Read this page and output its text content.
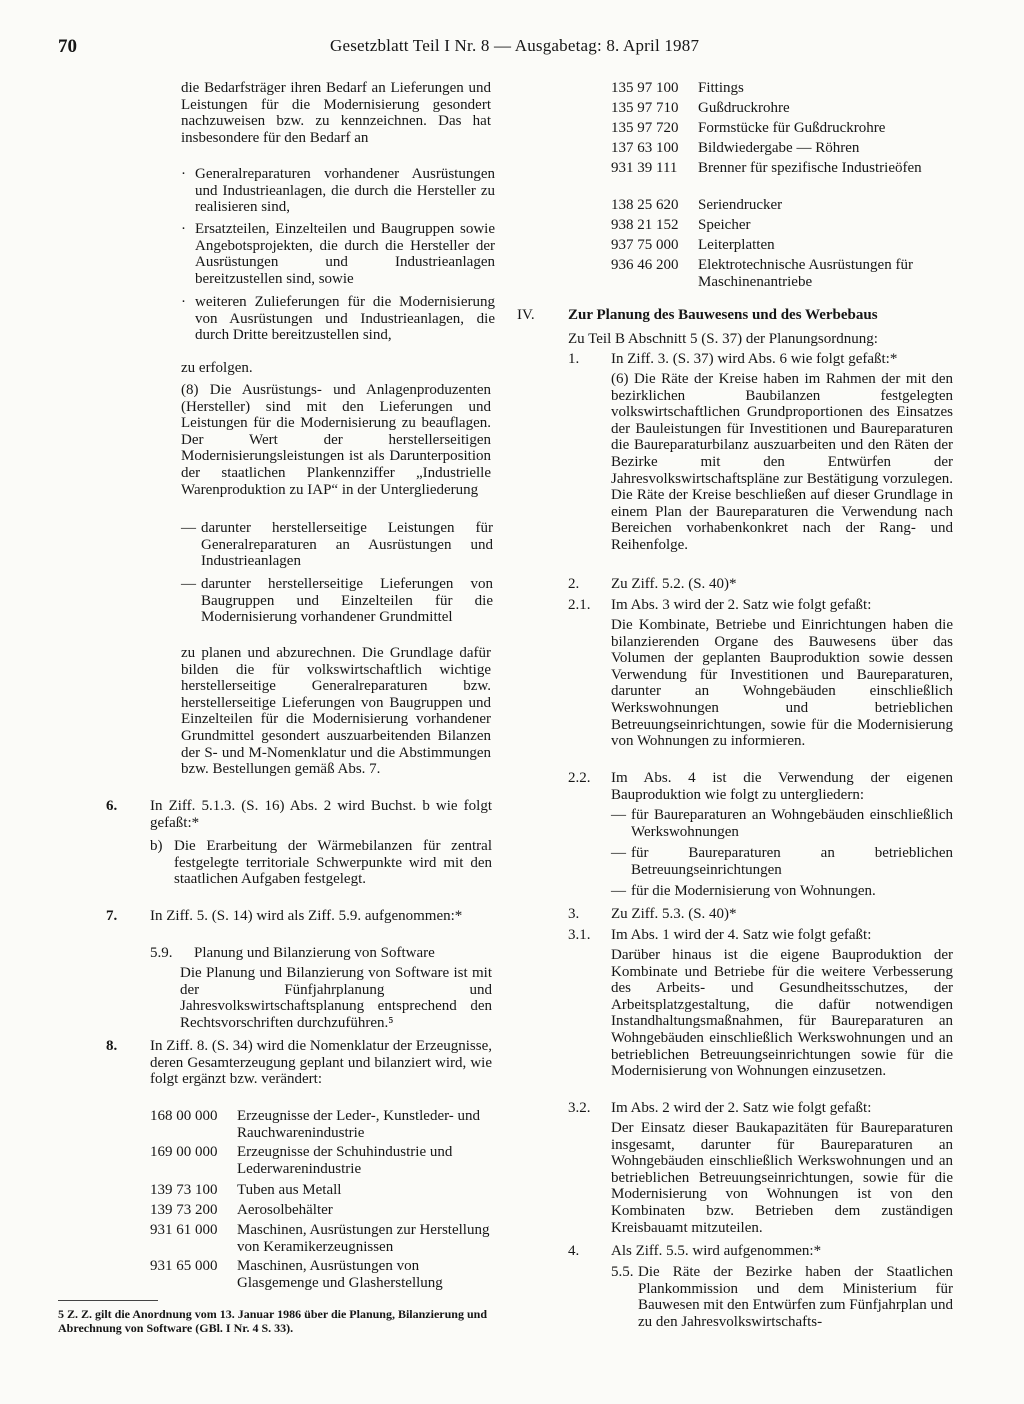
70	Gesetzblatt Teil I Nr. 8 — Ausgabetag: 8. April 1987

die Bedarfsträger ihren Bedarf an Lieferungen und Leistungen für die Modernisierung gesondert nachzuweisen bzw. zu kennzeichnen. Das hat insbesondere für den Bedarf an

· Generalreparaturen vorhandener Ausrüstungen und Industrieanlagen, die durch die Hersteller zu realisieren sind,

· Ersatzteilen, Einzelteilen und Baugruppen sowie Angebotsprojekten, die durch die Hersteller der Ausrüstungen und Industrieanlagen bereitzustellen sind, sowie

· weiteren Zulieferungen für die Modernisierung von Ausrüstungen und Industrieanlagen, die durch Dritte bereitzustellen sind,

zu erfolgen.

(8) Die Ausrüstungs- und Anlagenproduzenten (Hersteller) sind mit den Lieferungen und Leistungen für die Modernisierung zu beauflagen. Der Wert der herstellerseitigen Modernisierungsleistungen ist als Darunterposition der staatlichen Plankennziffer „Industrielle Warenproduktion zu IAP“ in der Untergliederung

— darunter herstellerseitige Leistungen für Generalreparaturen an Ausrüstungen und Industrieanlagen

— darunter herstellerseitige Lieferungen von Baugruppen und Einzelteilen für die Modernisierung vorhandener Grundmittel

zu planen und abzurechnen. Die Grundlage dafür bilden die für volkswirtschaftlich wichtige herstellerseitige Generalreparaturen bzw. herstellerseitige Lieferungen von Baugruppen und Einzelteilen für die Modernisierung vorhandener Grundmittel gesondert auszuarbeitenden Bilanzen der S- und M-Nomenklatur und die Abstimmungen bzw. Bestellungen gemäß Abs. 7.

6. In Ziff. 5.1.3. (S. 16) Abs. 2 wird Buchst. b wie folgt gefaßt:*

b) Die Erarbeitung der Wärmebilanzen für zentral festgelegte territoriale Schwerpunkte wird mit den staatlichen Aufgaben festgelegt.

7. In Ziff. 5. (S. 14) wird als Ziff. 5.9. aufgenommen:*

5.9. Planung und Bilanzierung von Software

Die Planung und Bilanzierung von Software ist mit der Fünfjahrplanung und Jahresvolkswirtschaftsplanung entsprechend den Rechtsvorschriften durchzuführen.⁵

8. In Ziff. 8. (S. 34) wird die Nomenklatur der Erzeugnisse, deren Gesamterzeugung geplant und bilanziert wird, wie folgt ergänzt bzw. verändert:

168 00 000	Erzeugnisse der Leder-, Kunstleder- und Rauchwarenindustrie
169 00 000	Erzeugnisse der Schuhindustrie und Lederwarenindustrie
139 73 100	Tuben aus Metall
139 73 200	Aerosolbehälter
931 61 000	Maschinen, Ausrüstungen zur Herstellung von Keramikerzeugnissen
931 65 000	Maschinen, Ausrüstungen von Glasgemenge und Glasherstellung
5 Z. Z. gilt die Anordnung vom 13. Januar 1986 über die Planung, Bilanzierung und Abrechnung von Software (GBl. I Nr. 4 S. 33).
135 97 100	Fittings
135 97 710	Gußdruckrohre
135 97 720	Formstücke für Gußdruckrohre
137 63 100	Bildwiedergabe — Röhren
931 39 111	Brenner für spezifische Industrieöfen
138 25 620	Seriendrucker
938 21 152	Speicher
937 75 000	Leiterplatten
936 46 200	Elektrotechnische Ausrüstungen für Maschinenantriebe
IV. Zur Planung des Bauwesens und des Werbebaus
Zu Teil B Abschnitt 5 (S. 37) der Planungsordnung:
1. In Ziff. 3. (S. 37) wird Abs. 6 wie folgt gefaßt:*

(6) Die Räte der Kreise haben im Rahmen der mit den bezirklichen Baubilanzen festgelegten volkswirtschaftlichen Grundproportionen des Einsatzes der Bauleistungen für Investitionen und Baureparaturen die Baureparaturbilanz auszuarbeiten und den Räten der Bezirke mit den Entwürfen der Jahresvolkswirtschaftspläne zur Bestätigung vorzulegen. Die Räte der Kreise beschließen auf dieser Grundlage in einem Plan der Baureparaturen die Verwendung nach Bereichen vorhabenkonkret nach der Rang- und Reihenfolge.

2. Zu Ziff. 5.2. (S. 40)*
2.1. Im Abs. 3 wird der 2. Satz wie folgt gefaßt:

Die Kombinate, Betriebe und Einrichtungen haben die bilanzierenden Organe des Bauwesens über das Volumen der geplanten Bauproduktion sowie dessen Verwendung für Investitionen und Baureparaturen, darunter an Wohngebäuden einschließlich Werkswohnungen und betrieblichen Betreuungseinrichtungen, sowie für die Modernisierung von Wohnungen zu informieren.

2.2. Im Abs. 4 ist die Verwendung der eigenen Bauproduktion wie folgt zu untergliedern:

— für Baureparaturen an Wohngebäuden einschließlich Werkswohnungen

— für Baureparaturen an betrieblichen Betreuungseinrichtungen

— für die Modernisierung von Wohnungen.

3. Zu Ziff. 5.3. (S. 40)*
3.1. Im Abs. 1 wird der 4. Satz wie folgt gefaßt:

Darüber hinaus ist die eigene Bauproduktion der Kombinate und Betriebe für die weitere Verbesserung des Arbeits- und Gesundheitsschutzes, der Arbeitsplatzgestaltung, die dafür notwendigen Instandhaltungsmaßnahmen, für Baureparaturen an Wohngebäuden einschließlich Werkswohnungen und an betrieblichen Betreuungseinrichtungen sowie für die Modernisierung von Wohnungen einzusetzen.

3.2. Im Abs. 2 wird der 2. Satz wie folgt gefaßt:

Der Einsatz dieser Baukapazitäten für Baureparaturen insgesamt, darunter für Baureparaturen an Wohngebäuden einschließlich Werkswohnungen und an betrieblichen Betreuungseinrichtungen, sowie für die Modernisierung von Wohnungen ist von den Kombinaten bzw. Betrieben dem zuständigen Kreisbauamt mitzuteilen.

4. Als Ziff. 5.5. wird aufgenommen:*
5.5. Die Räte der Bezirke haben der Staatlichen Plankommission und dem Ministerium für Bauwesen mit den Entwürfen zum Fünfjahrplan und zu den Jahresvolkswirtschafts-
